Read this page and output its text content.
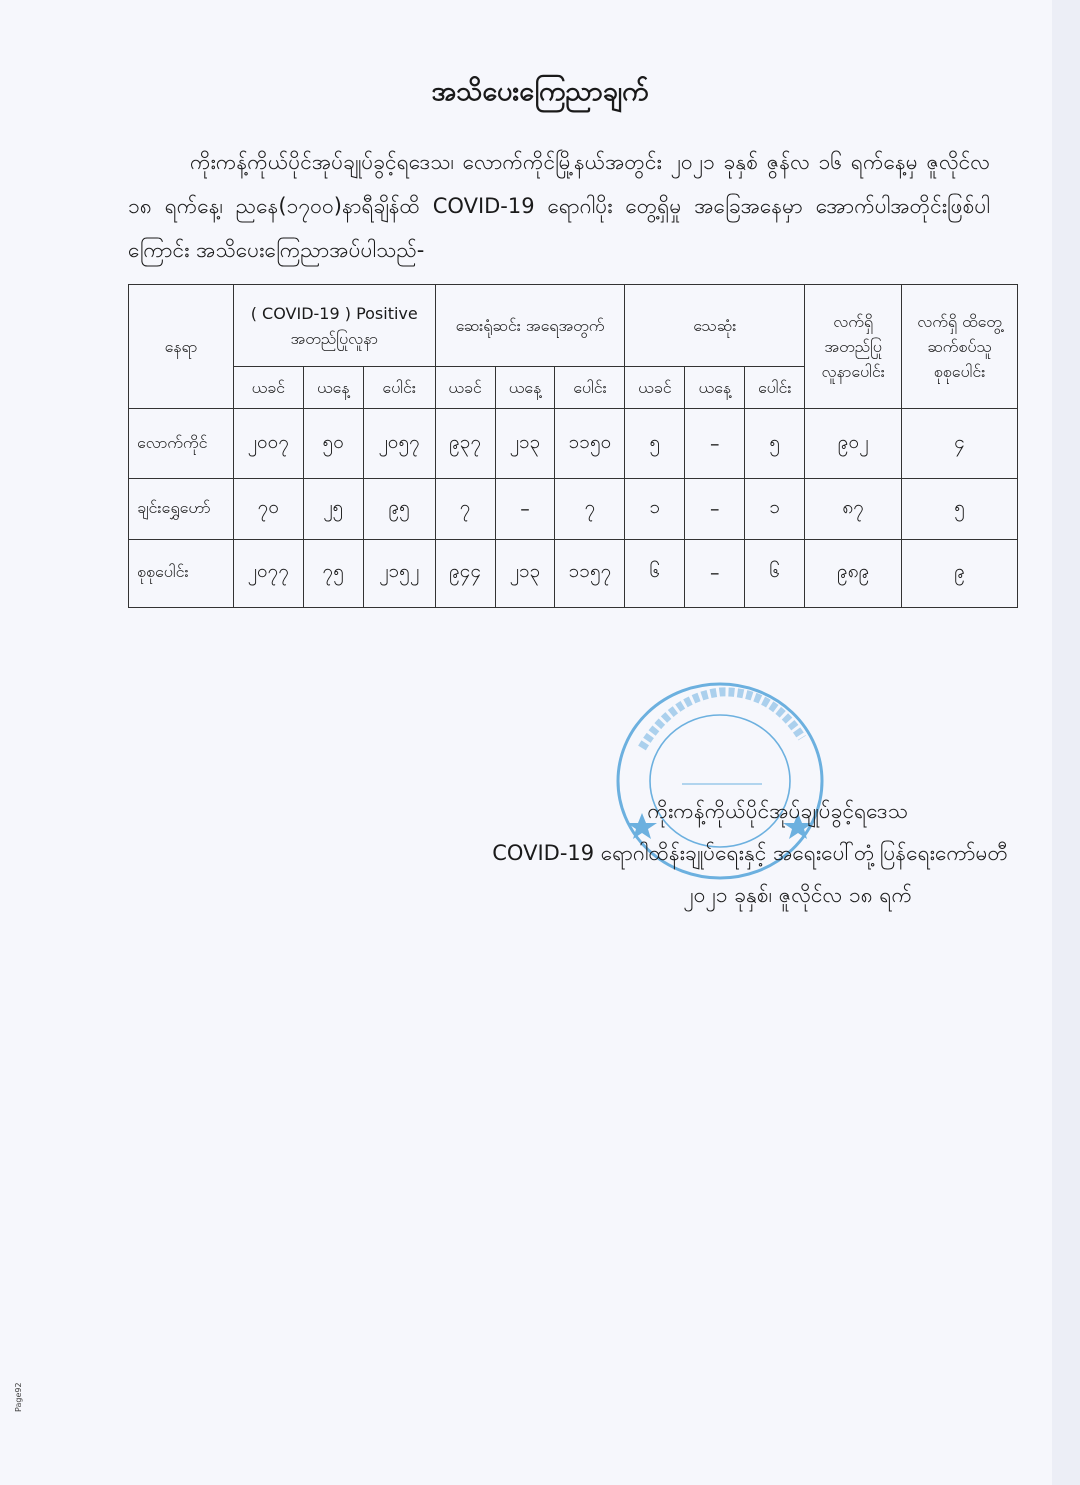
အသိပေးကြေညာချက်
ကိုးကန့်ကိုယ်ပိုင်အုပ်ချုပ်ခွင့်ရဒေသ၊ လောက်ကိုင်မြို့နယ်အတွင်း ၂၀၂၁ ခုနှစ် ဇွန်လ ၁၆ ရက်နေ့မှ ဇူလိုင်လ ၁၈ ရက်နေ့၊ ညနေ(၁၇၀၀)နာရီချိန်ထိ COVID-19 ရောဂါပိုး တွေ့ရှိမှု အခြေအနေမှာ အောက်ပါအတိုင်းဖြစ်ပါကြောင်း အသိပေးကြေညာအပ်ပါသည်-
နေရာ	( COVID-19 ) Positive အတည်ပြုလူနာ			ဆေးရုံဆင်း အရေအတွက်			သေဆုံး			လက်ရှိ အတည်ပြု လူနာပေါင်း	လက်ရှိ ထိတွေ့ ဆက်စပ်သူ စုစုပေါင်း
	ယခင်	ယနေ့	ပေါင်း	ယခင်	ယနေ့	ပေါင်း	ယခင်	ယနေ့	ပေါင်း		
လောက်ကိုင်	၂၀၀၇	၅၀	၂၀၅၇	၉၃၇	၂၁၃	၁၁၅၀	၅	–	၅	၉၀၂	၄
ချင်းရွှေဟော်	၇၀	၂၅	၉၅	၇	–	၇	၁	–	၁	၈၇	၅
စုစုပေါင်း	၂၀၇၇	၇၅	၂၁၅၂	၉၄၄	၂၁၃	၁၁၅၇	၆	–	၆	၉၈၉	၉
ကိုးကန့်ကိုယ်ပိုင်အုပ်ချုပ်ခွင့်ရဒေသ
COVID-19 ရောဂါထိန်းချုပ်ရေးနှင့် အရေးပေါ်တုံ့ပြန်ရေးကော်မတီ
၂၀၂၁ ခုနှစ်၊ ဇူလိုင်လ ၁၈ ရက်
Page92
